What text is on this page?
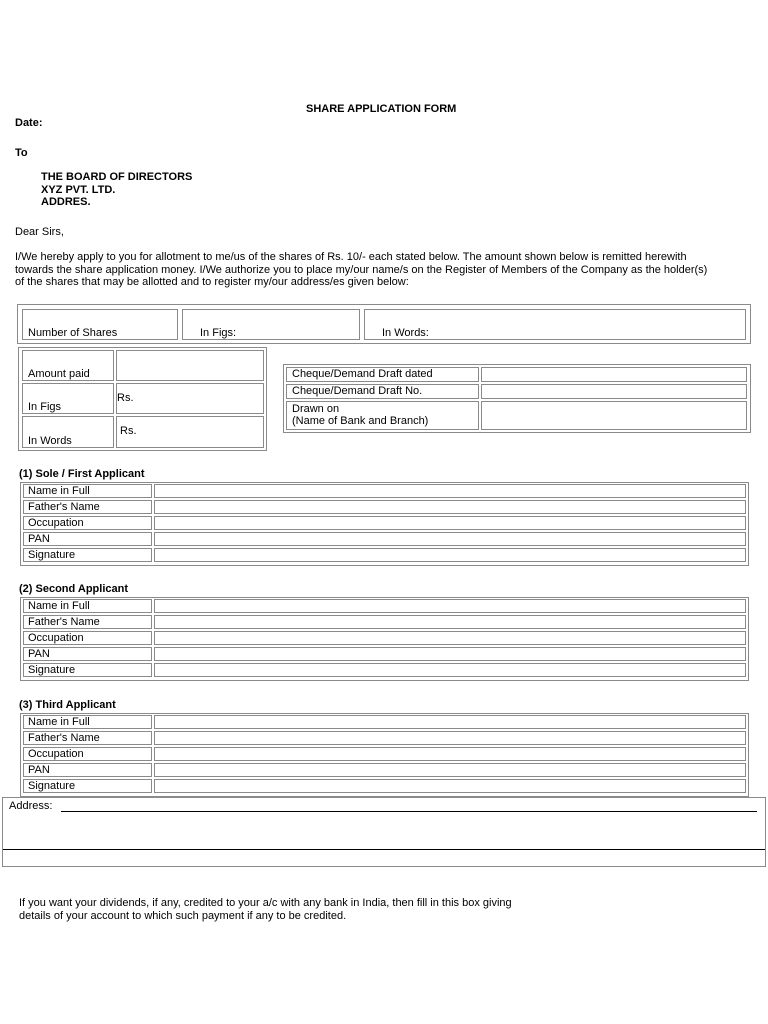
SHARE APPLICATION FORM
Date:
To
THE BOARD OF DIRECTORS
XYZ PVT. LTD.
ADDRES.
Dear Sirs,
I/We hereby apply to you for allotment to me/us of the shares of Rs. 10/- each stated below. The amount shown below is remitted herewith
towards the share application money. I/We authorize you to place my/our name/s on the Register of Members of the Company as the holder(s)
of the shares that may be allotted and to register my/our address/es given below:
Number of Shares	In Figs:	In Words:
Amount paid
In Figs
Rs.
In Words
Rs.
Cheque/Demand Draft dated
Cheque/Demand Draft No.
Drawn on
(Name of Bank and Branch)
(1) Sole / First Applicant
Name in Full
Father's Name
Occupation
PAN
Signature
(2) Second Applicant
Name in Full
Father's Name
Occupation
PAN
Signature
(3) Third Applicant
Name in Full
Father's Name
Occupation
PAN
Signature
Address:
If you want your dividends, if any, credited to your a/c with any bank in India, then fill in this box giving
details of your account to which such payment if any to be credited.
